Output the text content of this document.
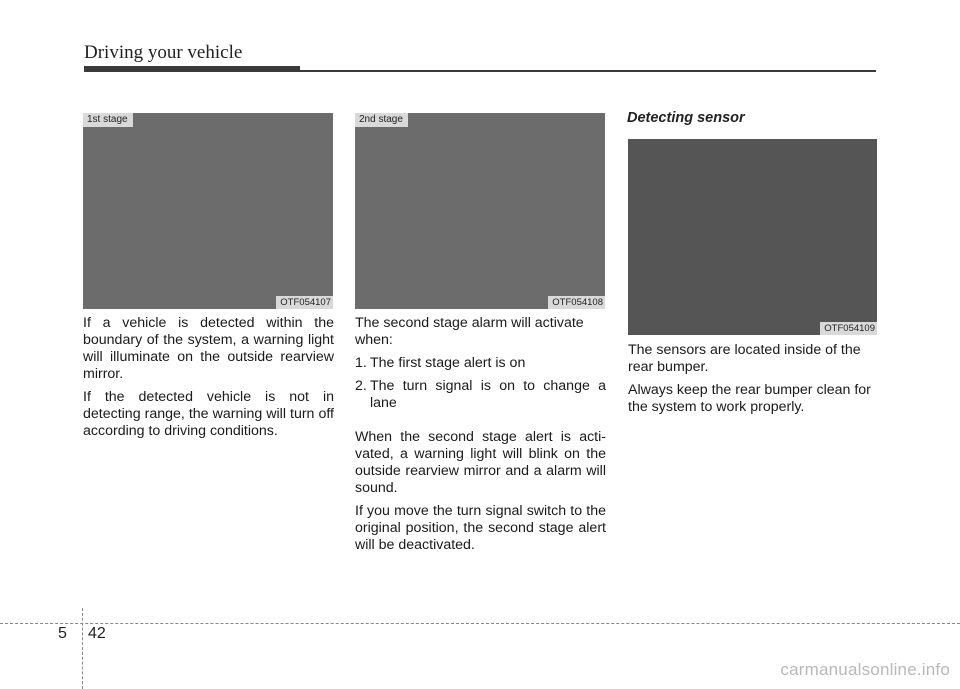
Driving your vehicle
1st stage
OTF054107

If a vehicle is detected within the boundary of the system, a warning light will illuminate on the outside rearview mirror.

If the detected vehicle is not in detecting range, the warning will turn off according to driving conditions.

2nd stage
OTF054108

The second stage alarm will activate when:

1. The first stage alert is on
2. The turn signal is on to change a lane

When the second stage alert is acti-vated, a warning light will blink on the outside rearview mirror and a alarm will sound.

If you move the turn signal switch to the original position, the second stage alert will be deactivated.

Detecting sensor
OTF054109

The sensors are located inside of the rear bumper.

Always keep the rear bumper clean for the system to work properly.

5 42
carmanualsonline.info
